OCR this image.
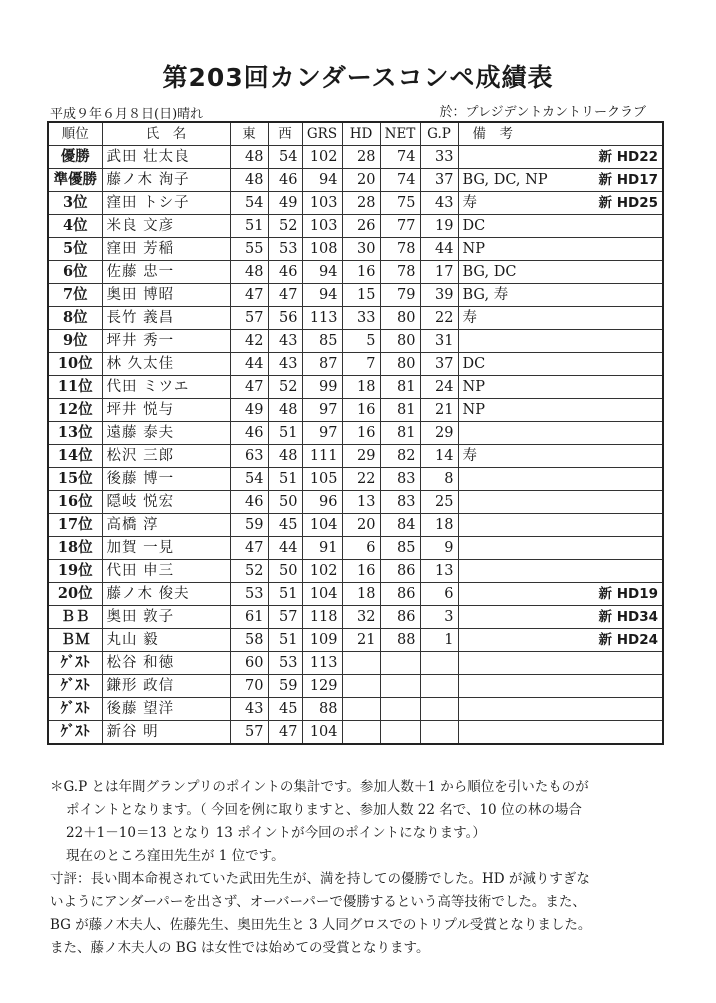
第203回カンダースコンペ成績表
平成９年６月８日(日)晴れ	於：プレジデントカントリークラブ
順位	氏　名	東	西	GRS	HD	NET	G.P	備　考
優勝	武田 壮太良	48	54	102	28	74	33	新 HD22

準優勝	藤ノ木 洵子	48	46	94	20	74	37	BG, DC, NP 新 HD17

3位	窪田 トシ子	54	49	103	28	75	43	寿 新 HD25

4位	米良 文彦	51	52	103	26	77	19	DC

5位	窪田 芳稲	55	53	108	30	78	44	NP

6位	佐藤 忠一	48	46	94	16	78	17	BG, DC

7位	奥田 博昭	47	47	94	15	79	39	BG, 寿

8位	長竹 義昌	57	56	113	33	80	22	寿

9位	坪井 秀一	42	43	85	5	80	31	

10位	林 久太佳	44	43	87	7	80	37	DC

11位	代田 ミツエ	47	52	99	18	81	24	NP

12位	坪井 悦与	49	48	97	16	81	21	NP

13位	遠藤 泰夫	46	51	97	16	81	29	

14位	松沢 三郎	63	48	111	29	82	14	寿

15位	後藤 博一	54	51	105	22	83	8	

16位	隠岐 悦宏	46	50	96	13	83	25	

17位	高橋 淳	59	45	104	20	84	18	

18位	加賀 一見	47	44	91	6	85	9	

19位	代田 申三	52	50	102	16	86	13	

20位	藤ノ木 俊夫	53	51	104	18	86	6	新 HD19

ＢＢ	奥田 敦子	61	57	118	32	86	3	新 HD34

ＢＭ	丸山 毅	58	51	109	21	88	1	新 HD24

ｹﾞｽﾄ	松谷 和徳	60	53	113				

ｹﾞｽﾄ	鎌形 政信	70	59	129				

ｹﾞｽﾄ	後藤 望洋	43	45	88				

ｹﾞｽﾄ	新谷 明	57	47	104				

＊G.P とは年間グランプリのポイントの集計です。参加人数＋1 から順位を引いたものが

ポイントとなります。（ 今回を例に取りますと、参加人数 22 名で、10 位の林の場合

22＋1－10＝13 となり 13 ポイントが今回のポイントになります。）

現在のところ窪田先生が 1 位です。

寸評：長い間本命視されていた武田先生が、満を持しての優勝でした。HD が減りすぎな

いようにアンダーパーを出さず、オーバーパーで優勝するという高等技術でした。また、

BG が藤ノ木夫人、佐藤先生、奥田先生と 3 人同グロスでのトリプル受賞となりました。

また、藤ノ木夫人の BG は女性では始めての受賞となります。
